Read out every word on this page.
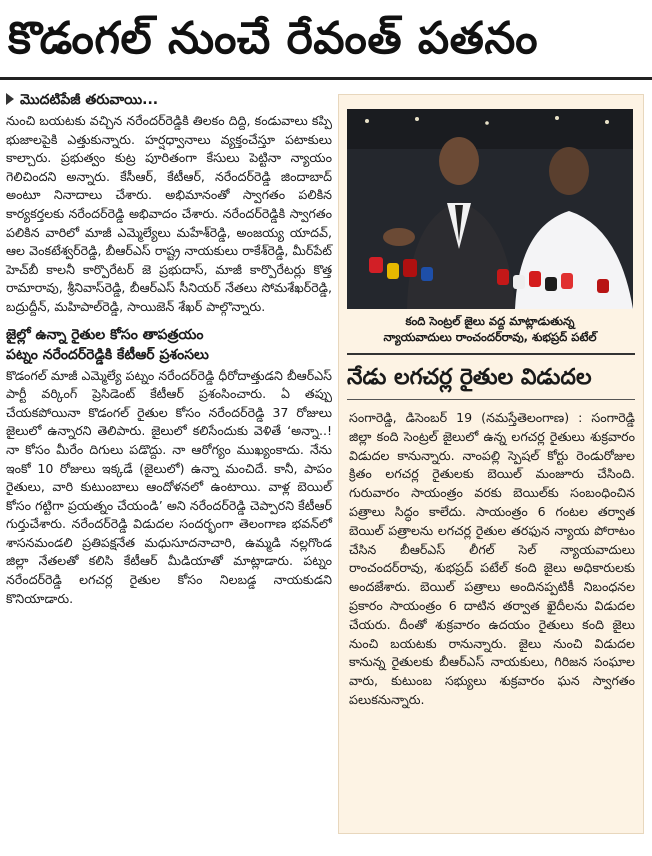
కొడంగల్ నుంచే రేవంత్ పతనం
మొదటిపేజీ తరువాయి...

నుంచి బయటకు వచ్చిన నరేందర్‌రెడ్డికి తిలకం దిద్ది, కండువాలు కప్పి భుజాలపైకి ఎత్తుకున్నారు. హర్షధ్వానాలు వ్యక్తంచేస్తూ పటాకులు కాల్చారు. ప్రభుత్వం కుట్ర పూరితంగా కేసులు పెట్టినా న్యాయం గెలిచిందని అన్నారు. కేసీఆర్, కేటీఆర్, నరేందర్‌రెడ్డి జిందాబాద్ అంటూ నినాదాలు చేశారు. అభిమానంతో స్వాగతం పలికిన కార్యకర్తలకు నరేందర్‌రెడ్డి అభివాదం చేశారు. నరేందర్‌రెడ్డికి స్వాగతం పలికిన వారిలో మాజీ ఎమ్మెల్యేలు మహేశ్‌రెడ్డి, అంజయ్య యాదవ్, ఆల వెంకటేశ్వర్‌రెడ్డి, బీఆర్‌ఎస్ రాష్ట్ర నాయకులు రాకేశ్‌రెడ్డి, మీర్‌పేట్ హెచ్‌బీ కాలనీ కార్పొరేటర్ జె ప్రభుదాస్, మాజీ కార్పొరేటర్లు కొత్త రామారావు, శ్రీనివాస్‌రెడ్డి, బీఆర్‌ఎస్ సీనియర్ నేతలు సోమశేఖర్‌రెడ్డి, బద్రుద్దీన్, మహిపాల్‌రెడ్డి, సాయిజెన్ శేఖర్ పాల్గొన్నారు.

జైల్లో ఉన్నా రైతుల కోసం తాపత్రయం
పట్నం నరేందర్‌రెడ్డికి కేటీఆర్ ప్రశంసలు

కొడంగల్ మాజీ ఎమ్మెల్యే పట్నం నరేందర్‌రెడ్డి ధీరోదాత్తుడని బీఆర్‌ఎస్ పార్టీ వర్కింగ్ ప్రెసిడెంట్ కేటీఆర్ ప్రశంసించారు. ఏ తప్పు చేయకపోయినా కొడంగల్ రైతుల కోసం నరేందర్‌రెడ్డి 37 రోజులు జైలులో ఉన్నారని తెలిపారు. జైలులో కలిసేందుకు వెళితే ‘అన్నా..! నా కోసం మీరేం దిగులు పడొద్దు. నా ఆరోగ్యం ముఖ్యంకాదు. నేను ఇంకో 10 రోజులు ఇక్కడే (జైలులో) ఉన్నా మంచిదే. కానీ, పాపం రైతులు, వారి కుటుంబాలు ఆందోళనలో ఉంటాయి. వాళ్ల బెయిల్ కోసం గట్టిగా ప్రయత్నం చేయండి’ అని నరేందర్‌రెడ్డి చెప్పారని కేటీఆర్ గుర్తుచేశారు. నరేందర్‌రెడ్డి విడుదల సందర్భంగా తెలంగాణ భవన్‌లో శాసనమండలి ప్రతిపక్షనేత మధుసూదనాచారి, ఉమ్మడి నల్లగొండ జిల్లా నేతలతో కలిసి కేటీఆర్ మీడియాతో మాట్లాడారు. పట్నం నరేందర్‌రెడ్డి లగచర్ల రైతుల కోసం నిలబడ్డ నాయకుడని కొనియాడారు.

కంది సెంట్రల్ జైలు వద్ద మాట్లాడుతున్న
న్యాయవాదులు రాంచందర్‌రావు, శుభప్రద్ పటేల్
నేడు లగచర్ల రైతుల విడుదల

సంగారెడ్డి, డిసెంబర్ 19 (నమస్తేతెలంగాణ) : సంగారెడ్డి జిల్లా కంది సెంట్రల్ జైలులో ఉన్న లగచర్ల రైతులు శుక్రవారం విడుదల కానున్నారు. నాంపల్లి స్పెషల్ కోర్టు రెండురోజుల క్రితం లగచర్ల రైతులకు బెయిల్ మంజూరు చేసింది. గురువారం సాయంత్రం వరకు బెయిల్‌కు సంబంధించిన పత్రాలు సిద్ధం కాలేదు. సాయంత్రం 6 గంటల తర్వాత బెయిల్ పత్రాలను లగచర్ల రైతుల తరఫున న్యాయ పోరాటం చేసిన బీఆర్‌ఎస్ లీగల్ సెల్ న్యాయవాదులు రాంచందర్‌రావు, శుభప్రద్ పటేల్ కంది జైలు అధికారులకు అందజేశారు. బెయిల్ పత్రాలు అందినప్పటికీ నిబంధనల ప్రకారం సాయంత్రం 6 దాటిన తర్వాత ఖైదీలను విడుదల చేయరు. దీంతో శుక్రవారం ఉదయం రైతులు కంది జైలు నుంచి బయటకు రానున్నారు. జైలు నుంచి విడుదల కానున్న రైతులకు బీఆర్‌ఎస్ నాయకులు, గిరిజన సంఘాల వారు, కుటుంబ సభ్యులు శుక్రవారం ఘన స్వాగతం పలుకనున్నారు.
